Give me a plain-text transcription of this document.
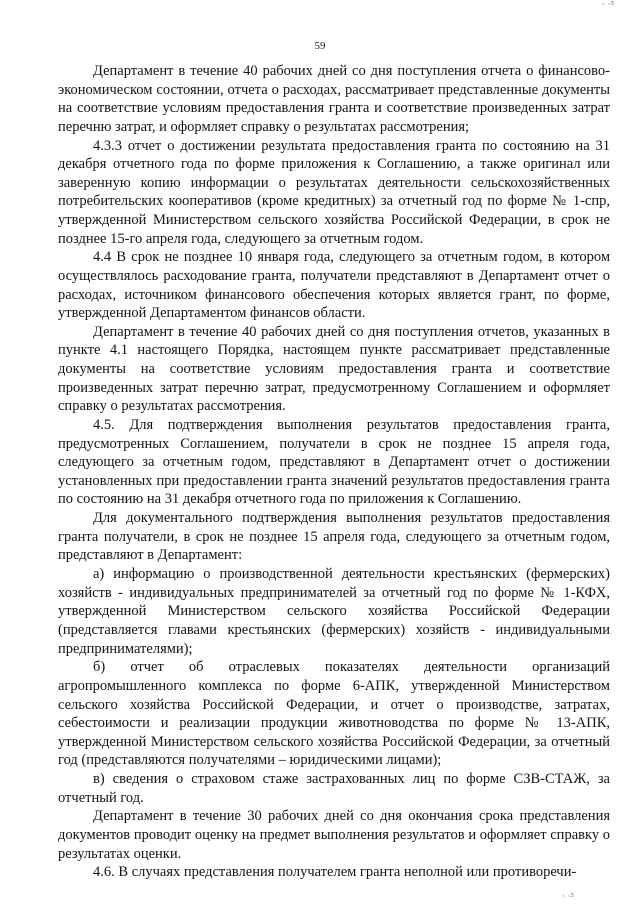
· ·ᶾ
59

Департамент в течение 40 рабочих дней со дня поступления отчета о финансово-экономическом состоянии, отчета о расходах, рассматривает представленные документы на соответствие условиям предоставления гранта и соответствие произведенных затрат перечню затрат, и оформляет справку о результатах рассмотрения;

4.3.3 отчет о достижении результата предоставления гранта по состоянию на 31 декабря отчетного года по форме приложения к Соглашению, а также оригинал или заверенную копию информации о результатах деятельности сельскохозяйственных потребительских кооперативов (кроме кредитных) за отчетный год по форме № 1-спр, утвержденной Министерством сельского хозяйства Российской Федерации, в срок не позднее 15-го апреля года, следующего за отчетным годом.

4.4 В срок не позднее 10 января года, следующего за отчетным годом, в котором осуществлялось расходование гранта, получатели представляют в Департамент отчет о расходах, источником финансового обеспечения которых является грант, по форме, утвержденной Департаментом финансов области.

Департамент в течение 40 рабочих дней со дня поступления отчетов, указанных в пункте 4.1 настоящего Порядка, настоящем пункте рассматривает представленные документы на соответствие условиям предоставления гранта и соответствие произведенных затрат перечню затрат, предусмотренному Соглашением и оформляет справку о результатах рассмотрения.

4.5. Для подтверждения выполнения результатов предоставления гранта, предусмотренных Соглашением, получатели в срок не позднее 15 апреля года, следующего за отчетным годом, представляют в Департамент отчет о достижении установленных при предоставлении гранта значений результатов предоставления гранта по состоянию на 31 декабря отчетного года по приложения к Соглашению.

Для документального подтверждения выполнения результатов предоставления гранта получатели, в срок не позднее 15 апреля года, следующего за отчетным годом, представляют в Департамент:

а) информацию о производственной деятельности крестьянских (фермерских) хозяйств - индивидуальных предпринимателей за отчетный год по форме № 1-КФХ, утвержденной Министерством сельского хозяйства Российской Федерации (представляется главами крестьянских (фермерских) хозяйств - индивидуальными предпринимателями);

б) отчет об отраслевых показателях деятельности организаций агропромышленного комплекса по форме 6-АПК, утвержденной Министерством сельского хозяйства Российской Федерации, и отчет о производстве, затратах, себестоимости и реализации продукции животноводства по форме № 13-АПК, утвержденной Министерством сельского хозяйства Российской Федерации, за отчетный год (представляются получателями – юридическими лицами);

в) сведения о страховом стаже застрахованных лиц по форме СЗВ-СТАЖ, за отчетный год.

Департамент в течение 30 рабочих дней со дня окончания срока представления документов проводит оценку на предмет выполнения результатов и оформляет справку о результатах оценки.

4.6. В случаях представления получателем гранта неполной или противоречи-

· ·ᶾ
